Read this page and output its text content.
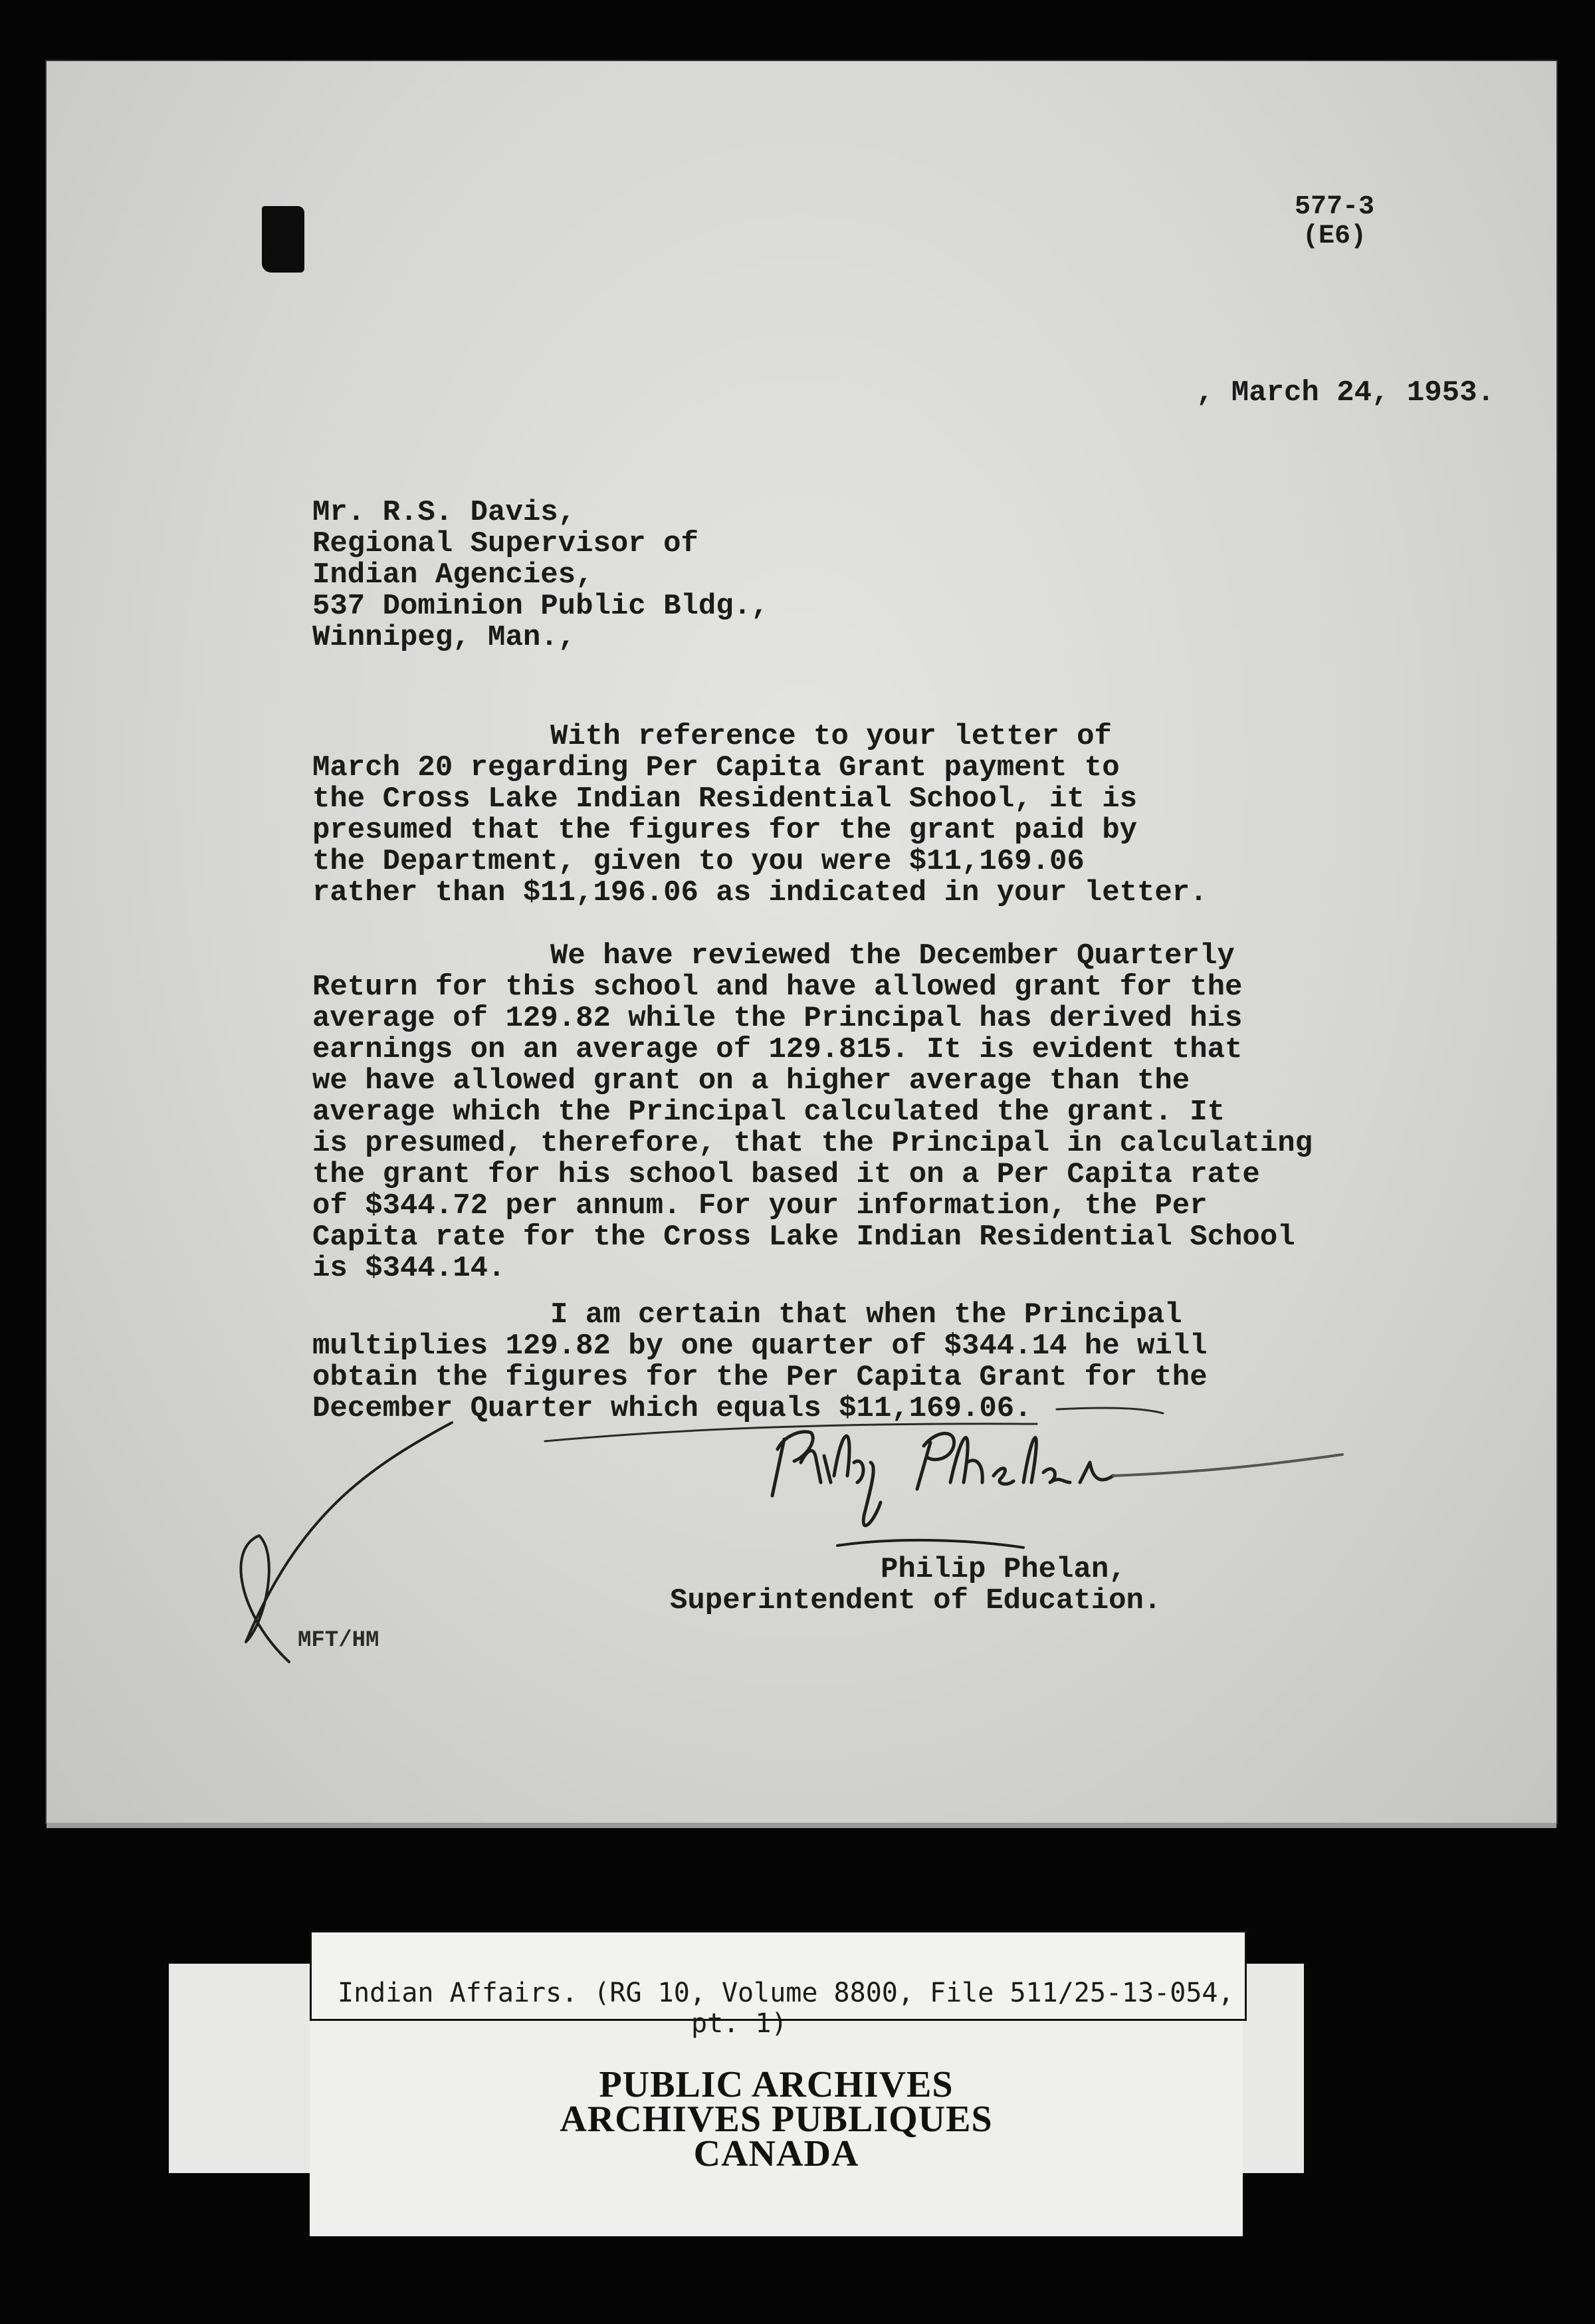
577-3
(E6)
, March 24, 1953.
Mr. R.S. Davis,
Regional Supervisor of
Indian Agencies,
537 Dominion Public Bldg.,
Winnipeg, Man.,
With reference to your letter of
March 20 regarding Per Capita Grant payment to
the Cross Lake Indian Residential School, it is
presumed that the figures for the grant paid by
the Department, given to you were $11,169.06
rather than $11,196.06 as indicated in your letter.
We have reviewed the December Quarterly
Return for this school and have allowed grant for the
average of 129.82 while the Principal has derived his
earnings on an average of 129.815. It is evident that
we have allowed grant on a higher average than the
average which the Principal calculated the grant. It
is presumed, therefore, that the Principal in calculating
the grant for his school based it on a Per Capita rate
of $344.72 per annum. For your information, the Per
Capita rate for the Cross Lake Indian Residential School
is $344.14.
I am certain that when the Principal
multiplies 129.82 by one quarter of $344.14 he will
obtain the figures for the Per Capita Grant for the
December Quarter which equals $11,169.06.
Philip Phelan,
Superintendent of Education.
MFT/HM
Indian Affairs. (RG 10, Volume 8800, File 511/25-13-054,
pt. 1)
PUBLIC ARCHIVES
ARCHIVES PUBLIQUES
CANADA
